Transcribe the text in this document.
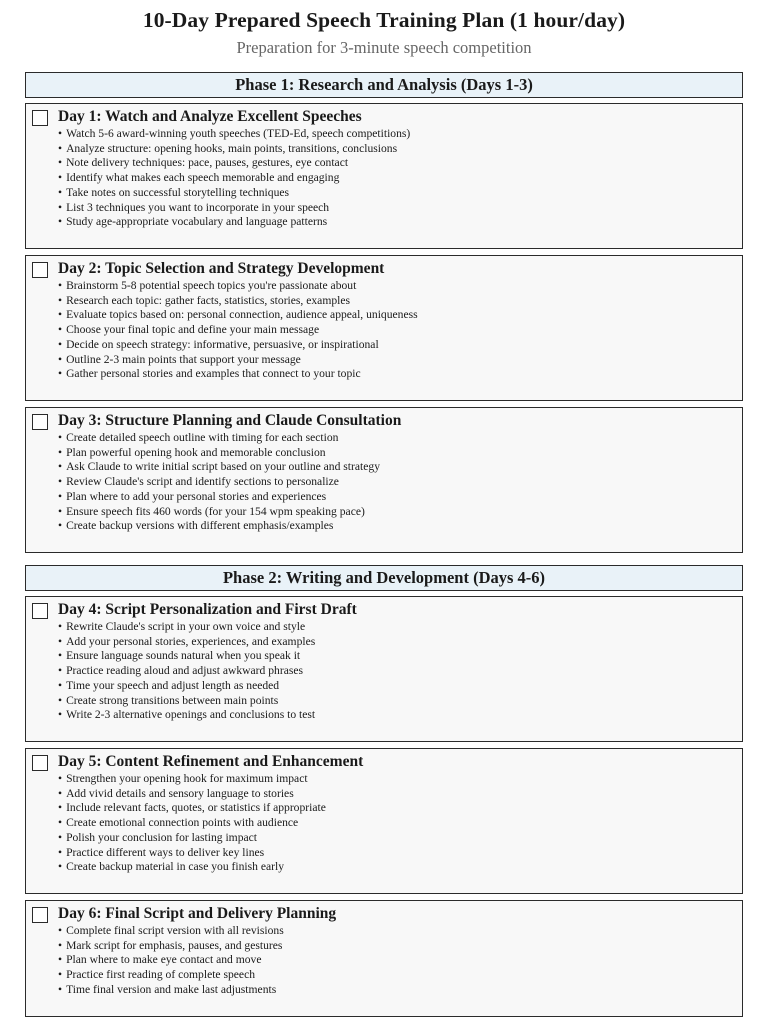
10-Day Prepared Speech Training Plan (1 hour/day)
Preparation for 3-minute speech competition
Phase 1: Research and Analysis (Days 1-3)
Day 1: Watch and Analyze Excellent Speeches
• Watch 5-6 award-winning youth speeches (TED-Ed, speech competitions)
• Analyze structure: opening hooks, main points, transitions, conclusions
• Note delivery techniques: pace, pauses, gestures, eye contact
• Identify what makes each speech memorable and engaging
• Take notes on successful storytelling techniques
• List 3 techniques you want to incorporate in your speech
• Study age-appropriate vocabulary and language patterns
Day 2: Topic Selection and Strategy Development
• Brainstorm 5-8 potential speech topics you're passionate about
• Research each topic: gather facts, statistics, stories, examples
• Evaluate topics based on: personal connection, audience appeal, uniqueness
• Choose your final topic and define your main message
• Decide on speech strategy: informative, persuasive, or inspirational
• Outline 2-3 main points that support your message
• Gather personal stories and examples that connect to your topic
Day 3: Structure Planning and Claude Consultation
• Create detailed speech outline with timing for each section
• Plan powerful opening hook and memorable conclusion
• Ask Claude to write initial script based on your outline and strategy
• Review Claude's script and identify sections to personalize
• Plan where to add your personal stories and experiences
• Ensure speech fits 460 words (for your 154 wpm speaking pace)
• Create backup versions with different emphasis/examples
Phase 2: Writing and Development (Days 4-6)
Day 4: Script Personalization and First Draft
• Rewrite Claude's script in your own voice and style
• Add your personal stories, experiences, and examples
• Ensure language sounds natural when you speak it
• Practice reading aloud and adjust awkward phrases
• Time your speech and adjust length as needed
• Create strong transitions between main points
• Write 2-3 alternative openings and conclusions to test
Day 5: Content Refinement and Enhancement
• Strengthen your opening hook for maximum impact
• Add vivid details and sensory language to stories
• Include relevant facts, quotes, or statistics if appropriate
• Create emotional connection points with audience
• Polish your conclusion for lasting impact
• Practice different ways to deliver key lines
• Create backup material in case you finish early
Day 6: Final Script and Delivery Planning
• Complete final script version with all revisions
• Mark script for emphasis, pauses, and gestures
• Plan where to make eye contact and move
• Practice first reading of complete speech
• Time final version and make last adjustments
